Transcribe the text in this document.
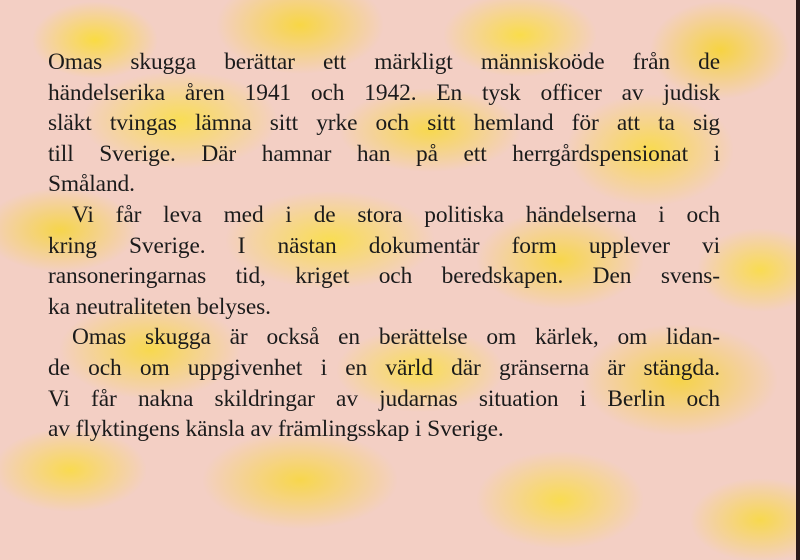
Omas skugga berättar ett märkligt människoöde från de
händelserika åren 1941 och 1942. En tysk officer av judisk
släkt tvingas lämna sitt yrke och sitt hemland för att ta sig
till Sverige. Där hamnar han på ett herrgårdspensionat i
Småland.

Vi får leva med i de stora politiska händelserna i och
kring Sverige. I nästan dokumentär form upplever vi
ransoneringarnas tid, kriget och beredskapen. Den svens-
ka neutraliteten belyses.

Omas skugga är också en berättelse om kärlek, om lidan-
de och om uppgivenhet i en värld där gränserna är stängda.
Vi får nakna skildringar av judarnas situation i Berlin och
av flyktingens känsla av främlingsskap i Sverige.
